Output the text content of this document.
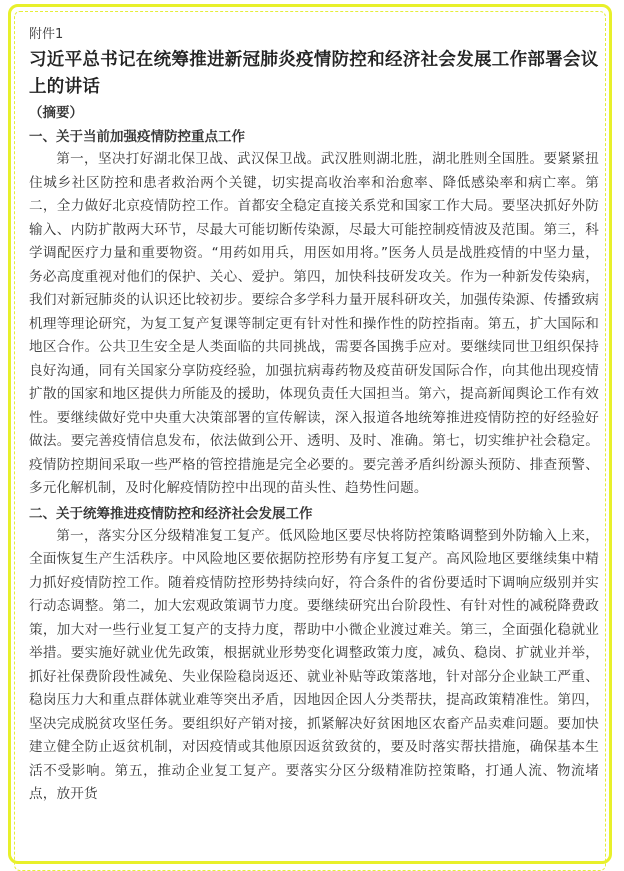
附件1
习近平总书记在统筹推进新冠肺炎疫情防控和经济社会发展工作部署会议上的讲话
（摘要）
一、关于当前加强疫情防控重点工作

第一，坚决打好湖北保卫战、武汉保卫战。武汉胜则湖北胜，湖北胜则全国胜。要紧紧扭住城乡社区防控和患者救治两个关键，切实提高收治率和治愈率、降低感染率和病亡率。第二，全力做好北京疫情防控工作。首都安全稳定直接关系党和国家工作大局。要坚决抓好外防输入、内防扩散两大环节，尽最大可能切断传染源，尽最大可能控制疫情波及范围。第三，科学调配医疗力量和重要物资。“用药如用兵，用医如用将。”医务人员是战胜疫情的中坚力量，务必高度重视对他们的保护、关心、爱护。第四，加快科技研发攻关。作为一种新发传染病，我们对新冠肺炎的认识还比较初步。要综合多学科力量开展科研攻关，加强传染源、传播致病机理等理论研究，为复工复产复课等制定更有针对性和操作性的防控指南。第五，扩大国际和地区合作。公共卫生安全是人类面临的共同挑战，需要各国携手应对。要继续同世卫组织保持良好沟通，同有关国家分享防疫经验，加强抗病毒药物及疫苗研发国际合作，向其他出现疫情扩散的国家和地区提供力所能及的援助，体现负责任大国担当。第六，提高新闻舆论工作有效性。要继续做好党中央重大决策部署的宣传解读，深入报道各地统筹推进疫情防控的好经验好做法。要完善疫情信息发布，依法做到公开、透明、及时、准确。第七，切实维护社会稳定。疫情防控期间采取一些严格的管控措施是完全必要的。要完善矛盾纠纷源头预防、排查预警、多元化解机制，及时化解疫情防控中出现的苗头性、趋势性问题。

二、关于统筹推进疫情防控和经济社会发展工作

第一，落实分区分级精准复工复产。低风险地区要尽快将防控策略调整到外防输入上来，全面恢复生产生活秩序。中风险地区要依据防控形势有序复工复产。高风险地区要继续集中精力抓好疫情防控工作。随着疫情防控形势持续向好，符合条件的省份要适时下调响应级别并实行动态调整。第二，加大宏观政策调节力度。要继续研究出台阶段性、有针对性的减税降费政策，加大对一些行业复工复产的支持力度，帮助中小微企业渡过难关。第三，全面强化稳就业举措。要实施好就业优先政策，根据就业形势变化调整政策力度，减负、稳岗、扩就业并举，抓好社保费阶段性减免、失业保险稳岗返还、就业补贴等政策落地，针对部分企业缺工严重、稳岗压力大和重点群体就业难等突出矛盾，因地因企因人分类帮扶，提高政策精准性。第四，坚决完成脱贫攻坚任务。要组织好产销对接，抓紧解决好贫困地区农畜产品卖难问题。要加快建立健全防止返贫机制，对因疫情或其他原因返贫致贫的，要及时落实帮扶措施，确保基本生活不受影响。第五，推动企业复工复产。要落实分区分级精准防控策略，打通人流、物流堵点，放开货
